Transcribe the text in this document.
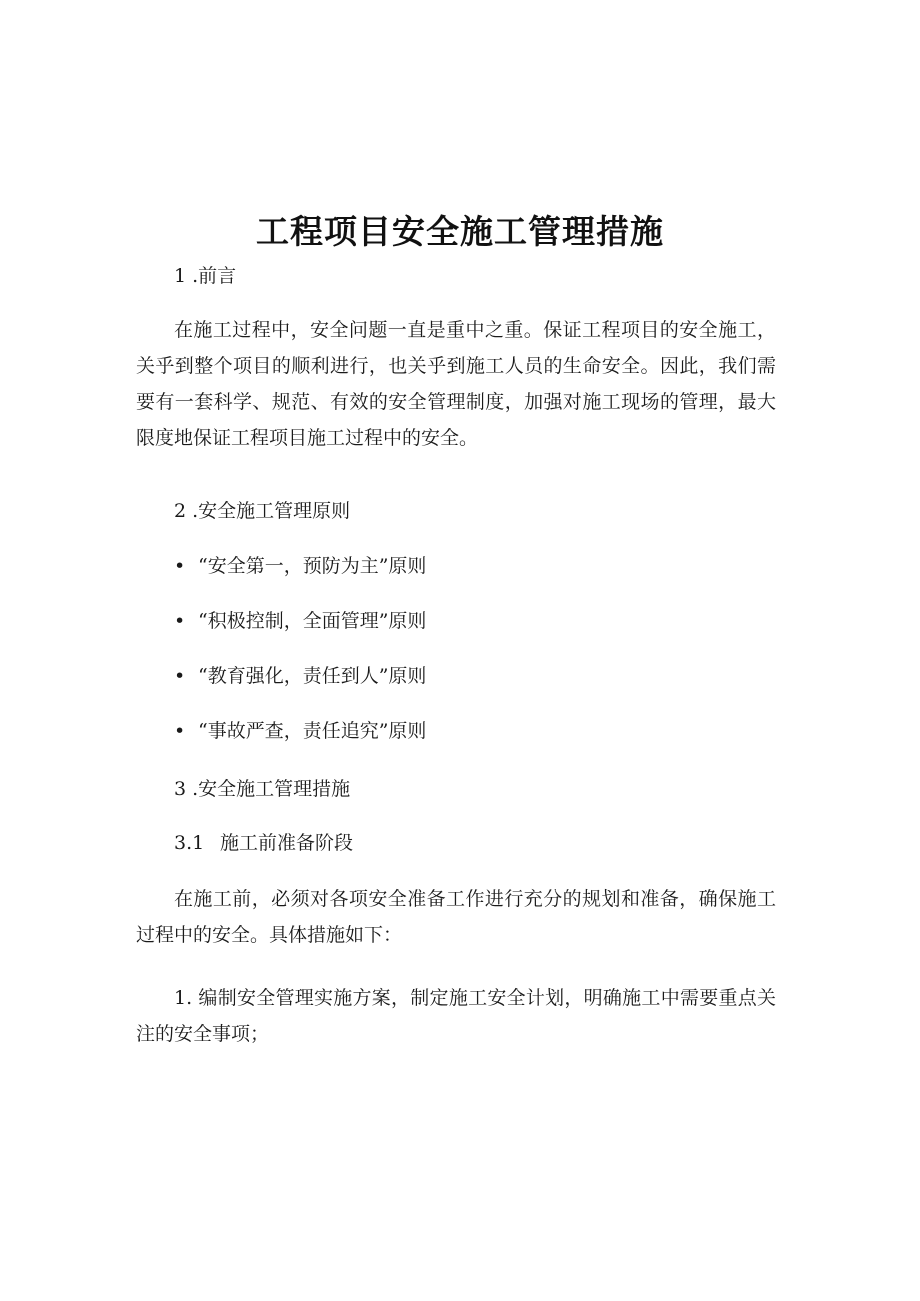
工程项目安全施工管理措施

1 .前言

在施工过程中，安全问题一直是重中之重。保证工程项目的安全施工，关乎到整个项目的顺利进行，也关乎到施工人员的生命安全。因此，我们需要有一套科学、规范、有效的安全管理制度，加强对施工现场的管理，最大限度地保证工程项目施工过程中的安全。

2 .安全施工管理原则

• “安全第一，预防为主”原则

• “积极控制，全面管理”原则

• “教育强化，责任到人”原则

• “事故严查，责任追究”原则

3 .安全施工管理措施

3.1 施工前准备阶段

在施工前，必须对各项安全准备工作进行充分的规划和准备，确保施工过程中的安全。具体措施如下：

1. 编制安全管理实施方案，制定施工安全计划，明确施工中需要重点关注的安全事项；
